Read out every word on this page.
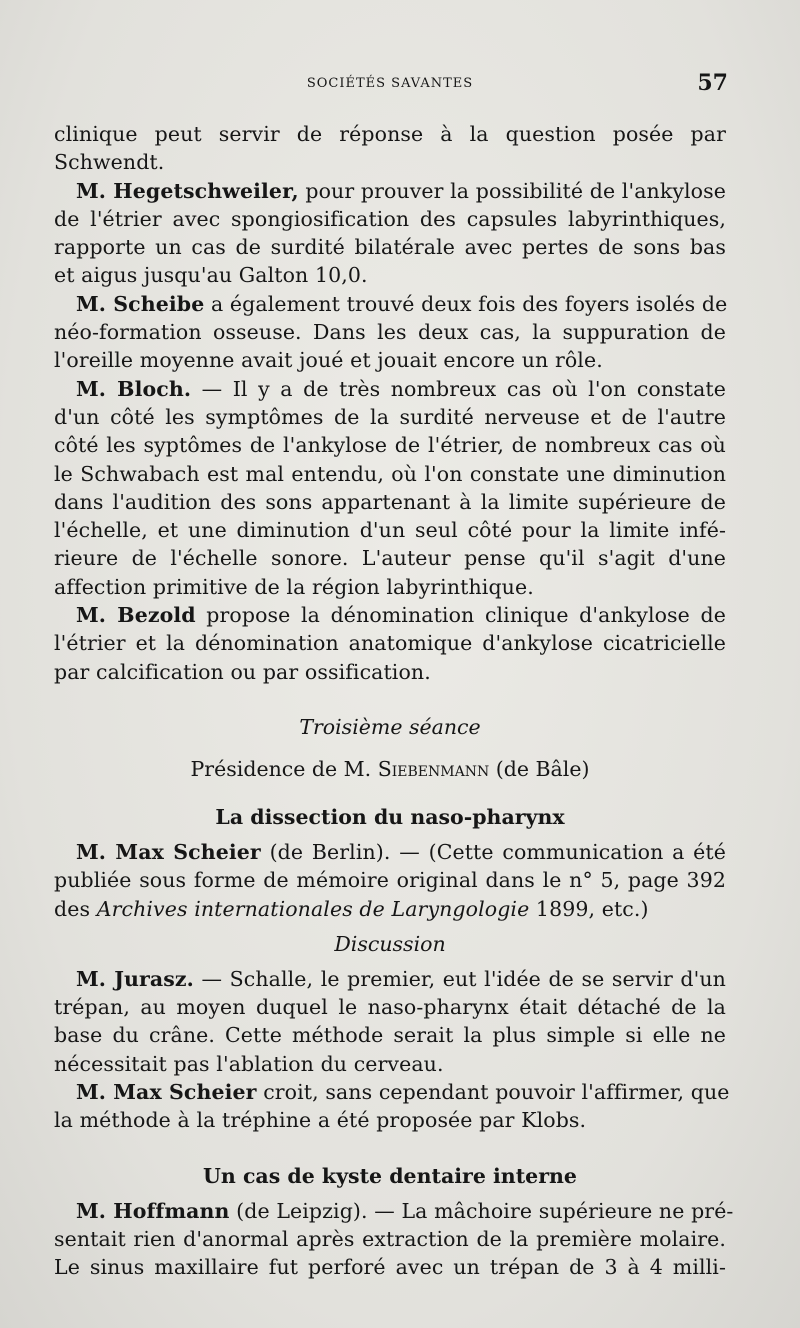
SOCIÉTÉS SAVANTES	57
clinique peut servir de réponse à la question posée par
Schwendt.
M. Hegetschweiler, pour prouver la possibilité de l'ankylose
de l'étrier avec spongiosification des capsules labyrinthiques,
rapporte un cas de surdité bilatérale avec pertes de sons bas
et aigus jusqu'au Galton 10,0.
M. Scheibe a également trouvé deux fois des foyers isolés de
néo-formation osseuse. Dans les deux cas, la suppuration de
l'oreille moyenne avait joué et jouait encore un rôle.
M. Bloch. — Il y a de très nombreux cas où l'on constate
d'un côté les symptômes de la surdité nerveuse et de l'autre
côté les syptômes de l'ankylose de l'étrier, de nombreux cas où
le Schwabach est mal entendu, où l'on constate une diminution
dans l'audition des sons appartenant à la limite supérieure de
l'échelle, et une diminution d'un seul côté pour la limite infé-
rieure de l'échelle sonore. L'auteur pense qu'il s'agit d'une
affection primitive de la région labyrinthique.
M. Bezold propose la dénomination clinique d'ankylose de
l'étrier et la dénomination anatomique d'ankylose cicatricielle
par calcification ou par ossification.
Troisième séance
Présidence de M. Siebenmann (de Bâle)
La dissection du naso-pharynx
M. Max Scheier (de Berlin). — (Cette communication a été
publiée sous forme de mémoire original dans le n° 5, page 392
des Archives internationales de Laryngologie 1899, etc.)
Discussion
M. Jurasz. — Schalle, le premier, eut l'idée de se servir d'un
trépan, au moyen duquel le naso-pharynx était détaché de la
base du crâne. Cette méthode serait la plus simple si elle ne
nécessitait pas l'ablation du cerveau.
M. Max Scheier croit, sans cependant pouvoir l'affirmer, que
la méthode à la tréphine a été proposée par Klobs.
Un cas de kyste dentaire interne
M. Hoffmann (de Leipzig). — La mâchoire supérieure ne pré-
sentait rien d'anormal après extraction de la première molaire.
Le sinus maxillaire fut perforé avec un trépan de 3 à 4 milli-
